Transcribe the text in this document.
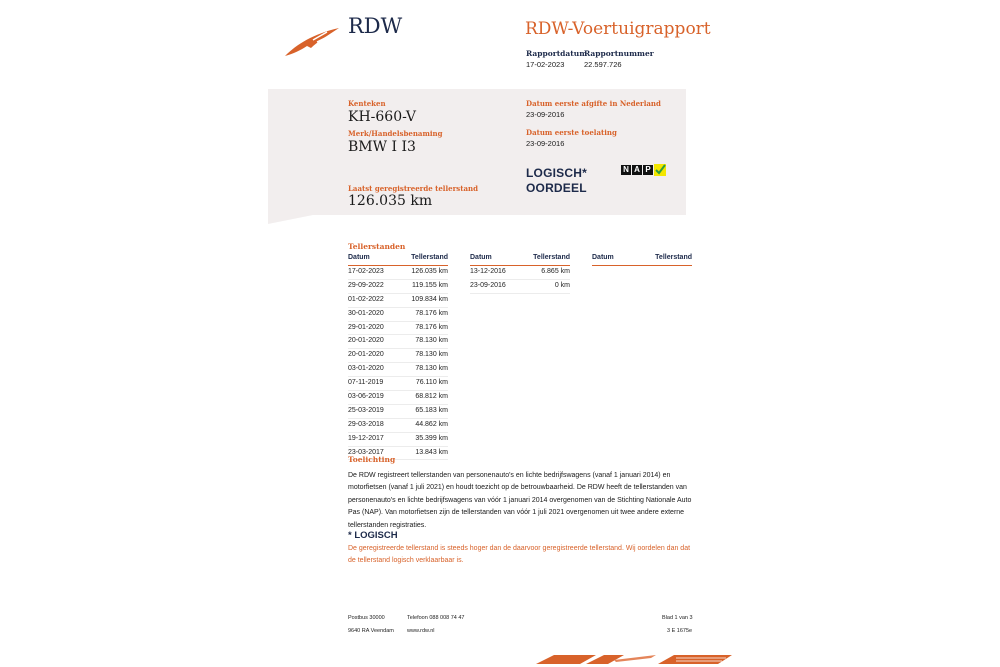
RDW	RDW-Voertuigrapport
Rapportdatum
17-02-2023
Rapportnummer
22.597.726
Kenteken
KH-660-V
Merk/Handelsbenaming
BMW I I3
Laatst geregistreerde tellerstand
126.035 km
Datum eerste afgifte in Nederland
23-09-2016
Datum eerste toelating
23-09-2016
LOGISCH*
OORDEEL
N A P
Tellerstanden
Datum	Tellerstand
17-02-2023	126.035 km
29-09-2022	119.155 km
01-02-2022	109.834 km
30-01-2020	78.176 km
29-01-2020	78.176 km
20-01-2020	78.130 km
20-01-2020	78.130 km
03-01-2020	78.130 km
07-11-2019	76.110 km
03-06-2019	68.812 km
25-03-2019	65.183 km
29-03-2018	44.862 km
19-12-2017	35.399 km
23-03-2017	13.843 km
Datum	Tellerstand
13-12-2016	6.865 km
23-09-2016	0 km
Datum	Tellerstand
Toelichting
De RDW registreert tellerstanden van personenauto's en lichte bedrijfswagens (vanaf 1 januari 2014) en motorfietsen (vanaf 1 juli 2021) en houdt toezicht op de betrouwbaarheid. De RDW heeft de tellerstanden van personenauto's en lichte bedrijfswagens van vóór 1 januari 2014 overgenomen van de Stichting Nationale Auto Pas (NAP). Van motorfietsen zijn de tellerstanden van vóór 1 juli 2021 overgenomen uit twee andere externe tellerstanden registraties.
* LOGISCH
De geregistreerde tellerstand is steeds hoger dan de daarvoor geregistreerde tellerstand. Wij oordelen dan dat de tellerstand logisch verklaarbaar is.
Postbus 30000
9640 RA Veendam
Telefoon 088 008 74 47
www.rdw.nl
Blad 1 van 3
3 E 1675e
